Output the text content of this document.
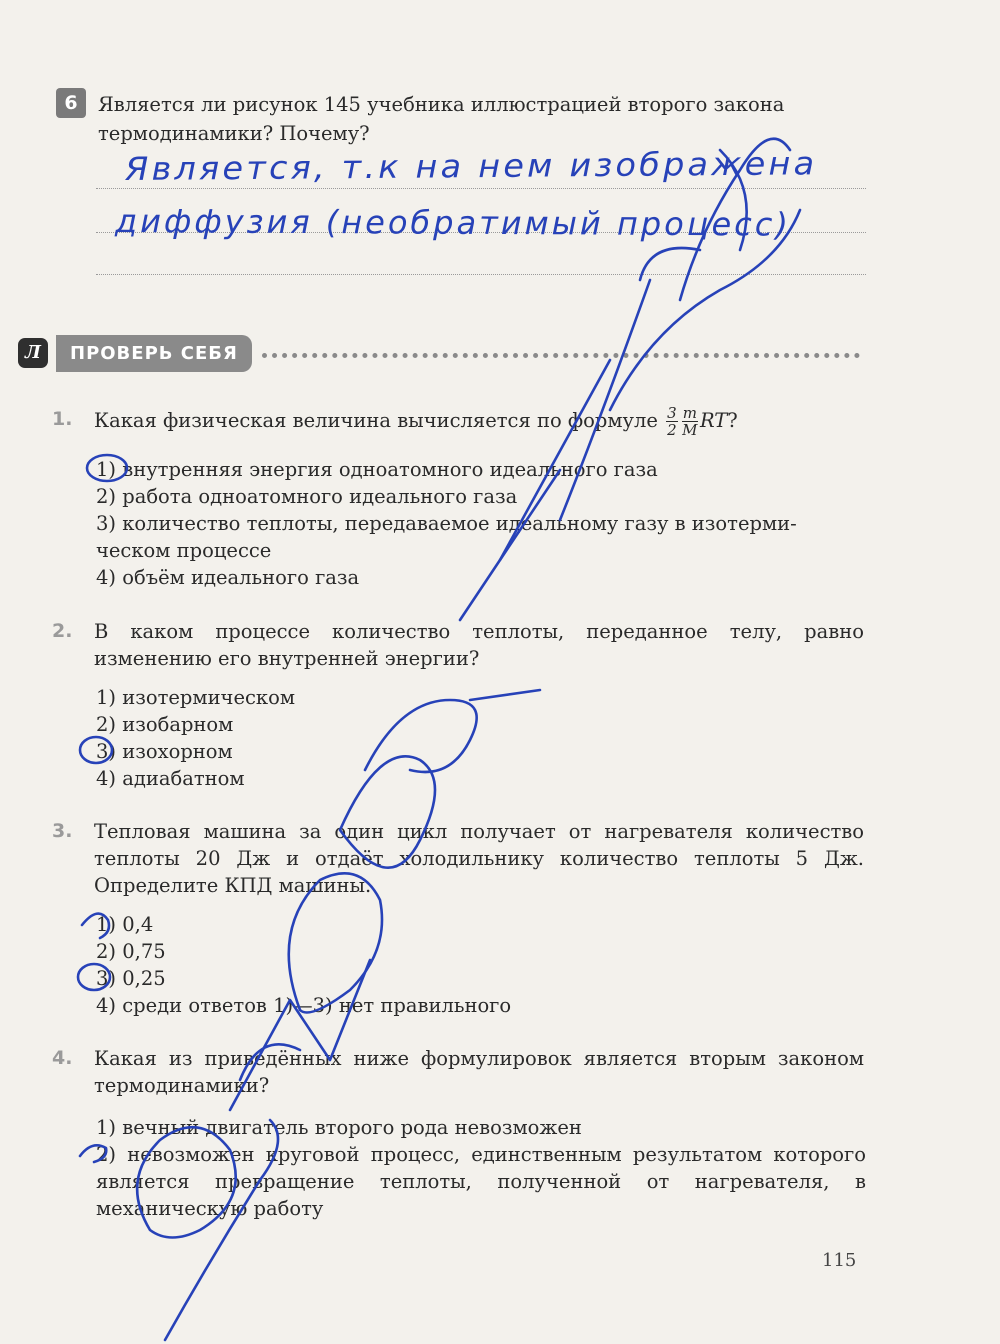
6	Является ли рисунок 145 учебника иллюстрацией второго закона термодинамики? Почему?
Является, т.к на нем изображена
диффузия (необратимый процесс)
Л	ПРОВЕРЬ СЕБЯ
1.	Какая физическая величина вычисляется по формуле $\frac{3}{2} \frac{m}{M}$ RT?
1) внутренняя энергия одноатомного идеального газа
2) работа одноатомного идеального газа
3) количество теплоты, передаваемое идеальному газу в изотерми-
ческом процессе
4) объём идеального газа
2.	В каком процессе количество теплоты, переданное телу, равно изменению его внутренней энергии?
1) изотермическом
2) изобарном
3) изохорном
4) адиабатном
3.	Тепловая машина за один цикл получает от нагревателя количество теплоты 20 Дж и отдаёт холодильнику количество теплоты 5 Дж. Определите КПД машины.
1) 0,4
2) 0,75
3) 0,25
4) среди ответов 1)—3) нет правильного
4.	Какая из приведённых ниже формулировок является вторым законом термодинамики?
1) вечный двигатель второго рода невозможен
2) невозможен круговой процесс, единственным результатом которого является превращение теплоты, полученной от нагревателя, в механическую работу
115
